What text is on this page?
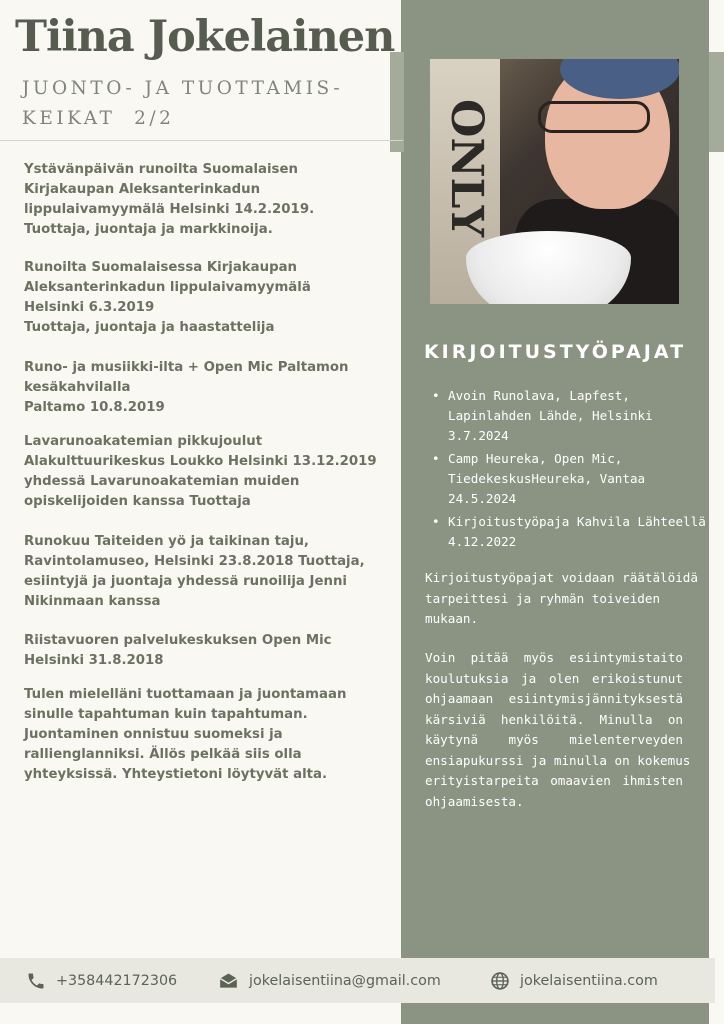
Tiina Jokelainen
JUONTO- JA TUOTTAMIS-
KEIKAT  2/2
Ystävänpäivän runoilta Suomalaisen
Kirjakaupan Aleksanterinkadun
lippulaivamyymälä Helsinki 14.2.2019.
Tuottaja, juontaja ja markkinoija.
Runoilta Suomalaisessa Kirjakaupan
Aleksanterinkadun lippulaivamyymälä
Helsinki 6.3.2019
Tuottaja, juontaja ja haastattelija
Runo- ja musiikki-ilta + Open Mic Paltamon
kesäkahvilalla
Paltamo 10.8.2019
Lavarunoakatemian pikkujoulut
Alakulttuurikeskus Loukko Helsinki 13.12.2019
yhdessä Lavarunoakatemian muiden
opiskelijoiden kanssa Tuottaja
Runokuu Taiteiden yö ja taikinan taju,
Ravintolamuseo, Helsinki 23.8.2018 Tuottaja,
esiintyjä ja juontaja yhdessä runoilija Jenni
Nikinmaan kanssa
Riistavuoren palvelukeskuksen Open Mic
Helsinki 31.8.2018
Tulen mielelläni tuottamaan ja juontamaan
sinulle tapahtuman kuin tapahtuman.
Juontaminen onnistuu suomeksi ja
rallienglanniksi. Ällös pelkää siis olla
yhteyksissä. Yhteystietoni löytyvät alta.
ONLY
KIRJOITUSTYÖPAJAT
• Avoin Runolava, Lapfest,
Lapinlahden Lähde, Helsinki
3.7.2024
• Camp Heureka, Open Mic,
TiedekeskusHeureka, Vantaa
24.5.2024
• Kirjoitustyöpaja Kahvila Lähteellä
4.12.2022
Kirjoitustyöpajat voidaan räätälöidä
tarpeittesi ja ryhmän toiveiden
mukaan.
Voin pitää myös esiintymistaito
koulutuksia ja olen erikoistunut
ohjaamaan esiintymisjännityksestä
kärsiviä henkilöitä. Minulla on
käytynä myös mielenterveyden
ensiapukurssi ja minulla on kokemus
erityistarpeita omaavien ihmisten
ohjaamisesta.
+358442172306	jokelaisentiina@gmail.com	jokelaisentiina.com
